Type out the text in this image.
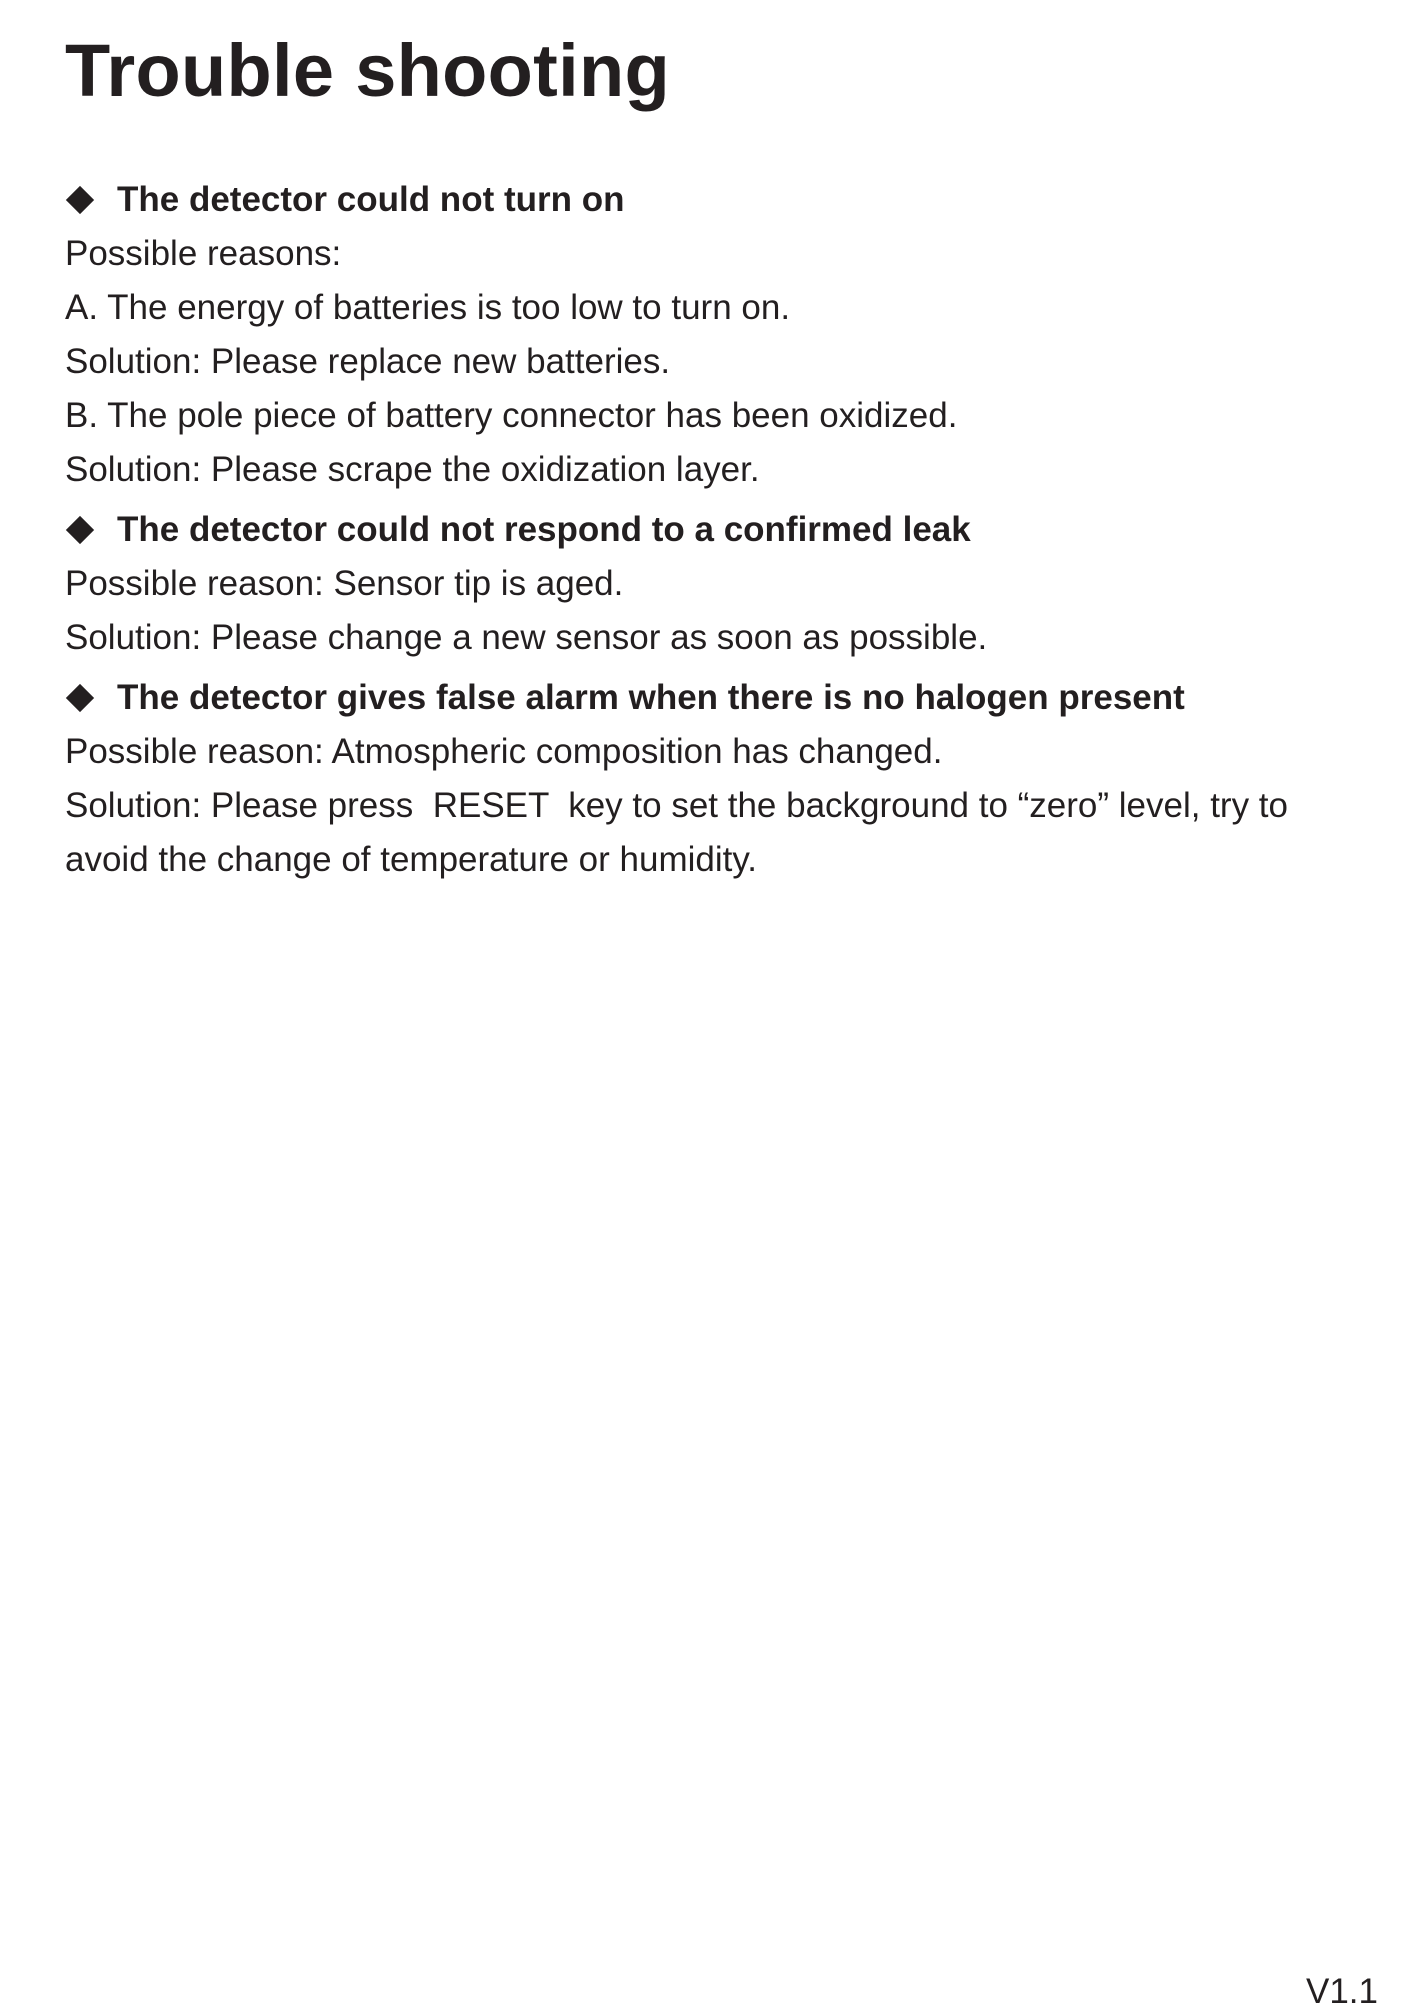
Trouble shooting
The detector could not turn on
Possible reasons:
A. The energy of batteries is too low to turn on.
Solution: Please replace new batteries.
B. The pole piece of battery connector has been oxidized.
Solution: Please scrape the oxidization layer.
The detector could not respond to a confirmed leak
Possible reason: Sensor tip is aged.
Solution: Please change a new sensor as soon as possible.
The detector gives false alarm when there is no halogen present
Possible reason: Atmospheric composition has changed.
Solution: Please press  RESET  key to set the background to “zero” level, try to
avoid the change of temperature or humidity.
V1.1
